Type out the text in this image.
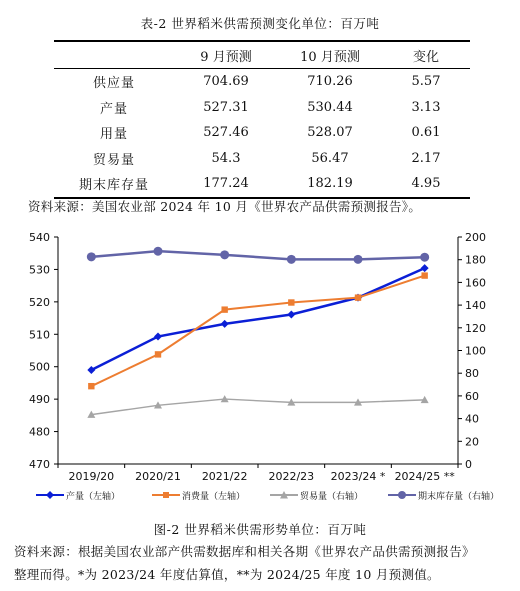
表-2 世界稻米供需预测变化单位：百万吨
	9 月预测	10 月预测	变化
供应量	704.69	710.26	5.57
产量	527.31	530.44	3.13
用量	527.46	528.07	0.61
贸易量	54.3	56.47	2.17
期末库存量	177.24	182.19	4.95
资料来源：美国农业部 2024 年 10 月《世界农产品供需预测报告》。
470
480
490
500
510
520
530
540
0
20
40
60
80
100
120
140
160
180
200
2019/20 2020/21 2021/22 2022/23 2023/24 * 2024/25 **
产量（左轴）	消费量（左轴）	贸易量（右轴）	期末库存量（右轴）
图-2 世界稻米供需形势单位：百万吨
资料来源：根据美国农业部产供需数据库和相关各期《世界农产品供需预测报告》
整理而得。*为 2023/24 年度估算值，**为 2024/25 年度 10 月预测值。
